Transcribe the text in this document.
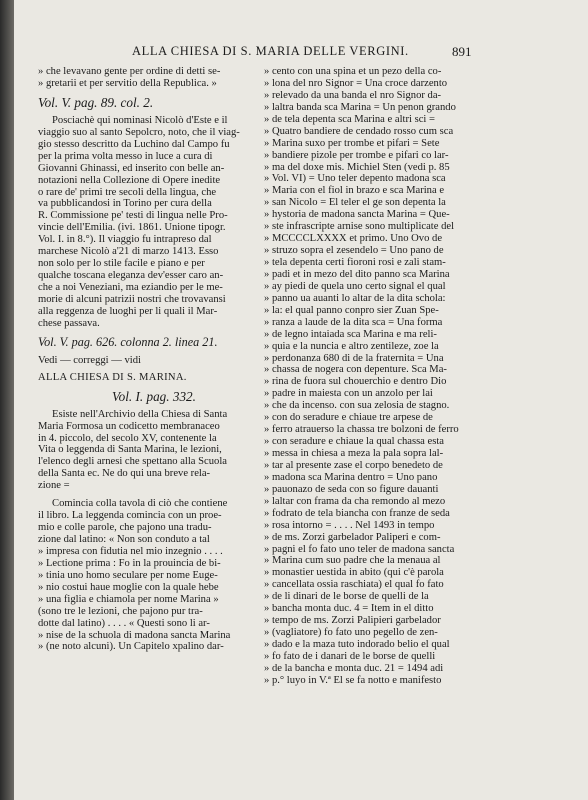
ALLA CHIESA DI S. MARIA DELLE VERGINI.	891
» che levavano gente per ordine di detti se-
» gretarii et per servitio della Republica. »
Vol. V. pag. 89. col. 2.
Posciachè qui nominasi Nicolò d'Este e il
viaggio suo al santo Sepolcro, noto, che il viag-
gio stesso descritto da Luchino dal Campo fu
per la prima volta messo in luce a cura di
Giovanni Ghinassi, ed inserito con belle an-
notazioni nella Collezione di Opere inedite
o rare de' primi tre secoli della lingua, che
va pubblicandosi in Torino per cura della
R. Commissione pe' testi di lingua nelle Pro-
vincie dell'Emilia. (ivi. 1861. Unione tipogr.
Vol. I. in 8.°). Il viaggio fu intrapreso dal
marchese Nicolò a'21 di marzo 1413. Esso
non solo per lo stile facile e piano e per
qualche toscana eleganza dev'esser caro an-
che a noi Veneziani, ma eziandio per le me-
morie di alcuni patrizii nostri che trovavansi
alla reggenza de luoghi per li quali il Mar-
chese passava.
Vol. V. pag. 626. colonna 2. linea 21.
Vedi — correggi — vidi
ALLA CHIESA DI S. MARINA.
Vol. I. pag. 332.
Esiste nell'Archivio della Chiesa di Santa
Maria Formosa un codicetto membranaceo
in 4. piccolo, del secolo XV, contenente la
Vita o leggenda di Santa Marina, le lezioni,
l'elenco degli arnesi che spettano alla Scuola
della Santa ec. Ne do qui una breve rela-
zione =
Comincia colla tavola di ciò che contiene
il libro. La leggenda comincia con un proe-
mio e colle parole, che pajono una tradu-
zione dal latino: « Non son conduto a tal
» impresa con fidutia nel mio inzegnio . . . .
» Lectione prima : Fo in la prouincia de bi-
» tinia uno homo seculare per nome Euge-
» nio costui haue moglie con la quale hebe
» una figlia e chiamola per nome Marina »
(sono tre le lezioni, che pajono pur tra-
dotte dal latino) . . . . « Questi sono li ar-
» nise de la schuola di madona sancta Marina
» (ne noto alcuni). Un Capitelo xpalino dar-
» cento con una spina et un pezo della co-
» lona del nro Signor = Una croce darzento
» relevado da una banda el nro Signor da-
» laltra banda sca Marina = Un penon grando
» de tela depenta sca Marina e altri sci =
» Quatro bandiere de cendado rosso cum sca
» Marina suxo per trombe et pifari = Sete
» bandiere pizole per trombe e pifari co lar-
» ma del doxe mis. Michiel Sten (vedi p. 85
» Vol. VI) = Uno teler depento madona sca
» Maria con el fiol in brazo e sca Marina e
» san Nicolo = El teler el ge son depenta la
» hystoria de madona sancta Marina = Que-
» ste infrascripte arnise sono multiplicate del
» MCCCCLXXXX et primo. Uno Ovo de
» struzo sopra el zesendelo = Uno pano de
» tela depenta certi fioroni rosi e zali stam-
» padi et in mezo del dito panno sca Marina
» ay piedi de quela uno certo signal el qual
» panno ua auanti lo altar de la dita schola:
» la: el qual panno conpro sier Zuan Spe-
» ranza a laude de la dita sca = Una forma
» de legno intaiada sca Marina e ma reli-
» quia e la nuncia e altro zentileze, zoe la
» perdonanza 680 di de la fraternita = Una
» chassa de nogera con depenture. Sca Ma-
» rina de fuora sul chouerchio e dentro Dio
» padre in maiesta con un anzolo per lai
» che da incenso. con sua zelosia de stagno.
» con do seradure e chiaue tre arpese de
» ferro atrauerso la chassa tre bolzoni de ferro
» con seradure e chiaue la qual chassa esta
» messa in chiesa a meza la pala sopra lal-
» tar al presente zase el corpo benedeto de
» madona sca Marina dentro = Uno pano
» pauonazo de seda con so figure dauanti
» laltar con frama da cha remondo al mezo
» fodrato de tela biancha con franze de seda
» rosa intorno = . . . . Nel 1493 in tempo
» de ms. Zorzi garbelador Paliperi e com-
» pagni el fo fato uno teler de madona sancta
» Marina cum suo padre che la menaua al
» monastier uestida in abito (qui c'è parola
» cancellata ossia raschiata) el qual fo fato
» de li dinari de le borse de quelli de la
» bancha monta duc. 4 = Item in el ditto
» tempo de ms. Zorzi Palipieri garbelador
» (vagliatore) fo fato uno pegello de zen-
» dado e la maza tuto indorado belio el qual
» fo fato de i danari de le borse de quelli
» de la bancha e monta duc. 21 = 1494 adi
» p.° luyo in V.ª El se fa notto e manifesto
